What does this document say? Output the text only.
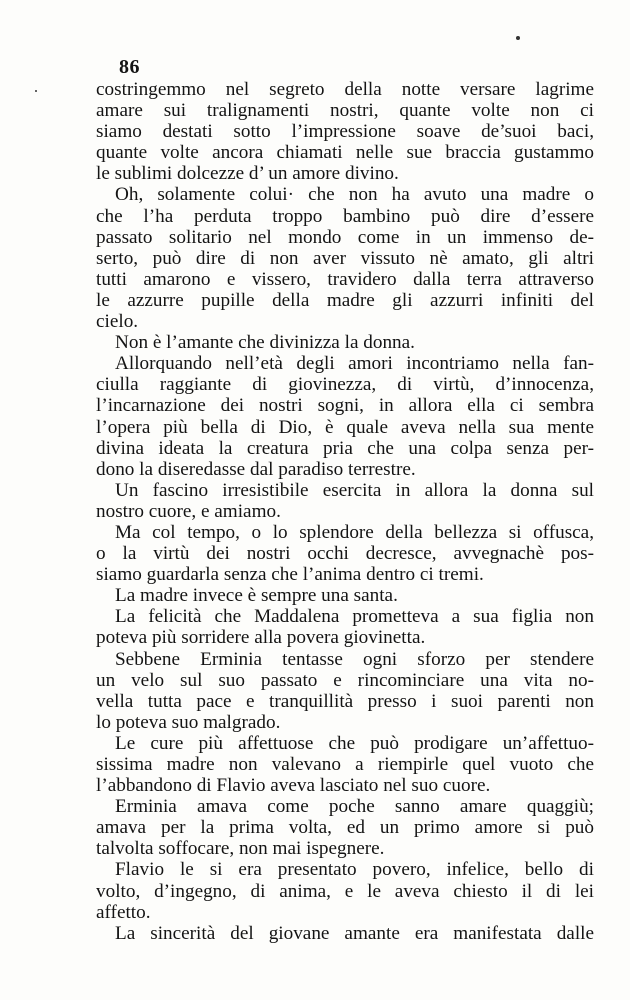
86
costringemmo nel segreto della notte versare lagrime
amare sui tralignamenti nostri, quante volte non ci
siamo destati sotto l’impressione soave de’suoi baci,
quante volte ancora chiamati nelle sue braccia gustammo
le sublimi dolcezze d’ un amore divino.
Oh, solamente colui· che non ha avuto una madre o
che l’ha perduta troppo bambino può dire d’essere
passato solitario nel mondo come in un immenso de-
serto, può dire di non aver vissuto nè amato, gli altri
tutti amarono e vissero, travidero dalla terra attraverso
le azzurre pupille della madre gli azzurri infiniti del
cielo.
Non è l’amante che divinizza la donna.
Allorquando nell’età degli amori incontriamo nella fan-
ciulla raggiante di giovinezza, di virtù, d’innocenza,
l’incarnazione dei nostri sogni, in allora ella ci sembra
l’opera più bella di Dio, è quale aveva nella sua mente
divina ideata la creatura pria che una colpa senza per-
dono la diseredasse dal paradiso terrestre.
Un fascino irresistibile esercita in allora la donna sul
nostro cuore, e amiamo.
Ma col tempo, o lo splendore della bellezza si offusca,
o la virtù dei nostri occhi decresce, avvegnachè pos-
siamo guardarla senza che l’anima dentro ci tremi.
La madre invece è sempre una santa.
La felicità che Maddalena prometteva a sua figlia non
poteva più sorridere alla povera giovinetta.
Sebbene Erminia tentasse ogni sforzo per stendere
un velo sul suo passato e rincominciare una vita no-
vella tutta pace e tranquillità presso i suoi parenti non
lo poteva suo malgrado.
Le cure più affettuose che può prodigare un’affettuo-
sissima madre non valevano a riempirle quel vuoto che
l’abbandono di Flavio aveva lasciato nel suo cuore.
Erminia amava come poche sanno amare quaggiù;
amava per la prima volta, ed un primo amore si può
talvolta soffocare, non mai ispegnere.
Flavio le si era presentato povero, infelice, bello di
volto, d’ingegno, di anima, e le aveva chiesto il di lei
affetto.
La sincerità del giovane amante era manifestata dalle
